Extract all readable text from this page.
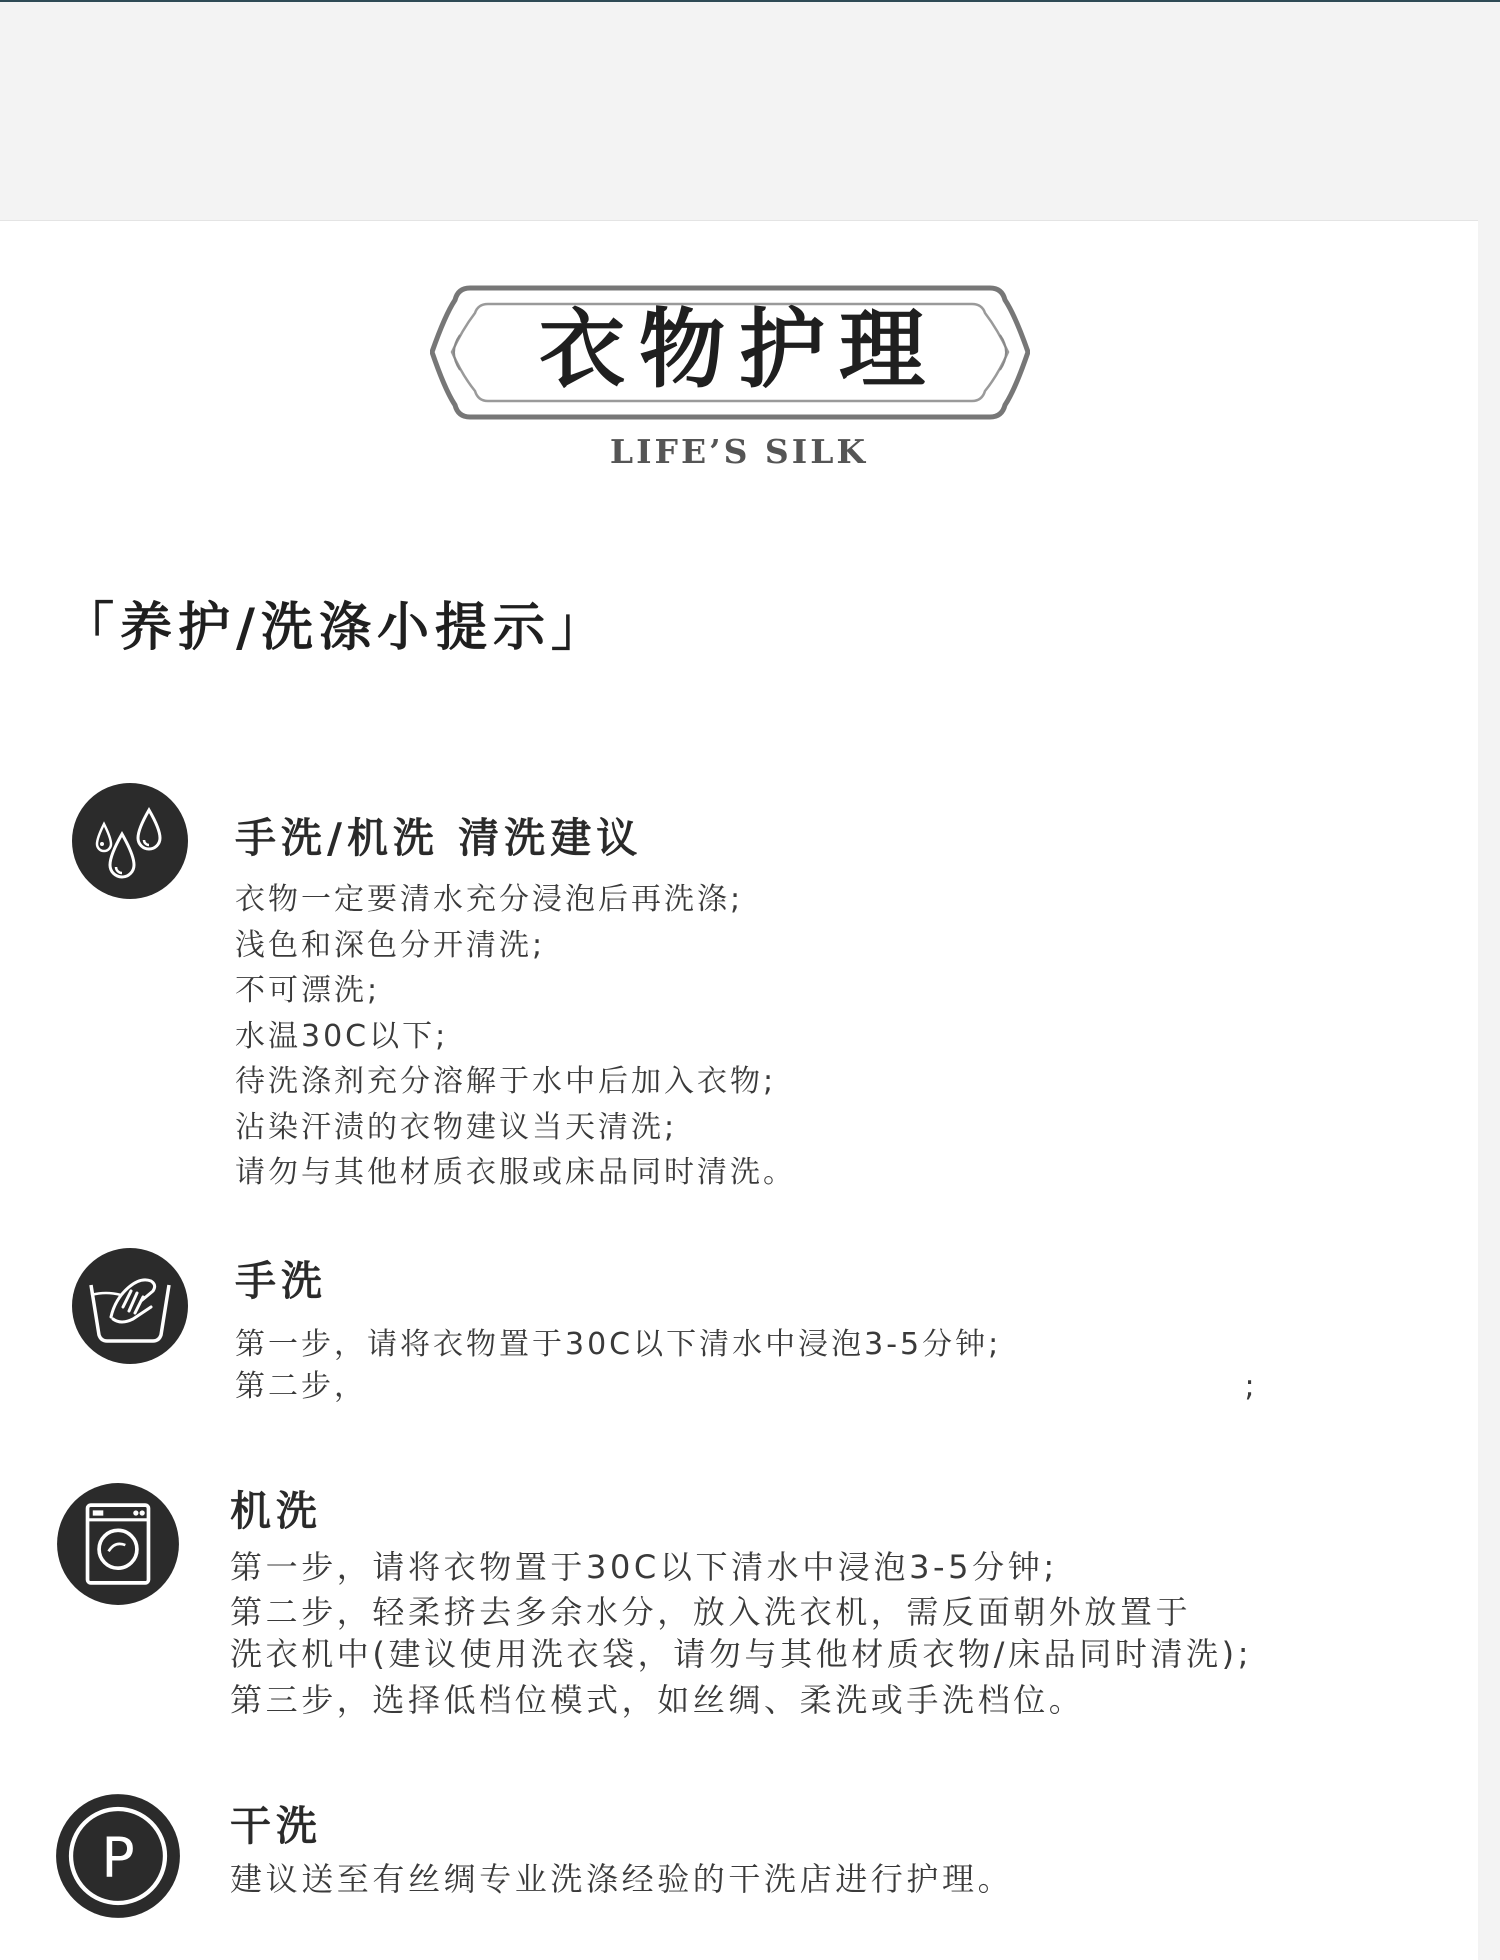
衣物护理
LIFE’S SILK
「养护/洗涤小提示」
手洗/机洗 清洗建议
衣物一定要清水充分浸泡后再洗涤;
浅色和深色分开清洗;
不可漂洗;
水温30C以下;
待洗涤剂充分溶解于水中后加入衣物;
沾染汗渍的衣物建议当天清洗;
请勿与其他材质衣服或床品同时清洗。
手洗
第一步，请将衣物置于30C以下清水中浸泡3-5分钟;
第二步，                                                                      ;
机洗
第一步，请将衣物置于30C以下清水中浸泡3-5分钟;
第二步，轻柔挤去多余水分，放入洗衣机，需反面朝外放置于
洗衣机中(建议使用洗衣袋，请勿与其他材质衣物/床品同时清洗);
第三步，选择低档位模式，如丝绸、柔洗或手洗档位。
P 干洗
建议送至有丝绸专业洗涤经验的干洗店进行护理。
